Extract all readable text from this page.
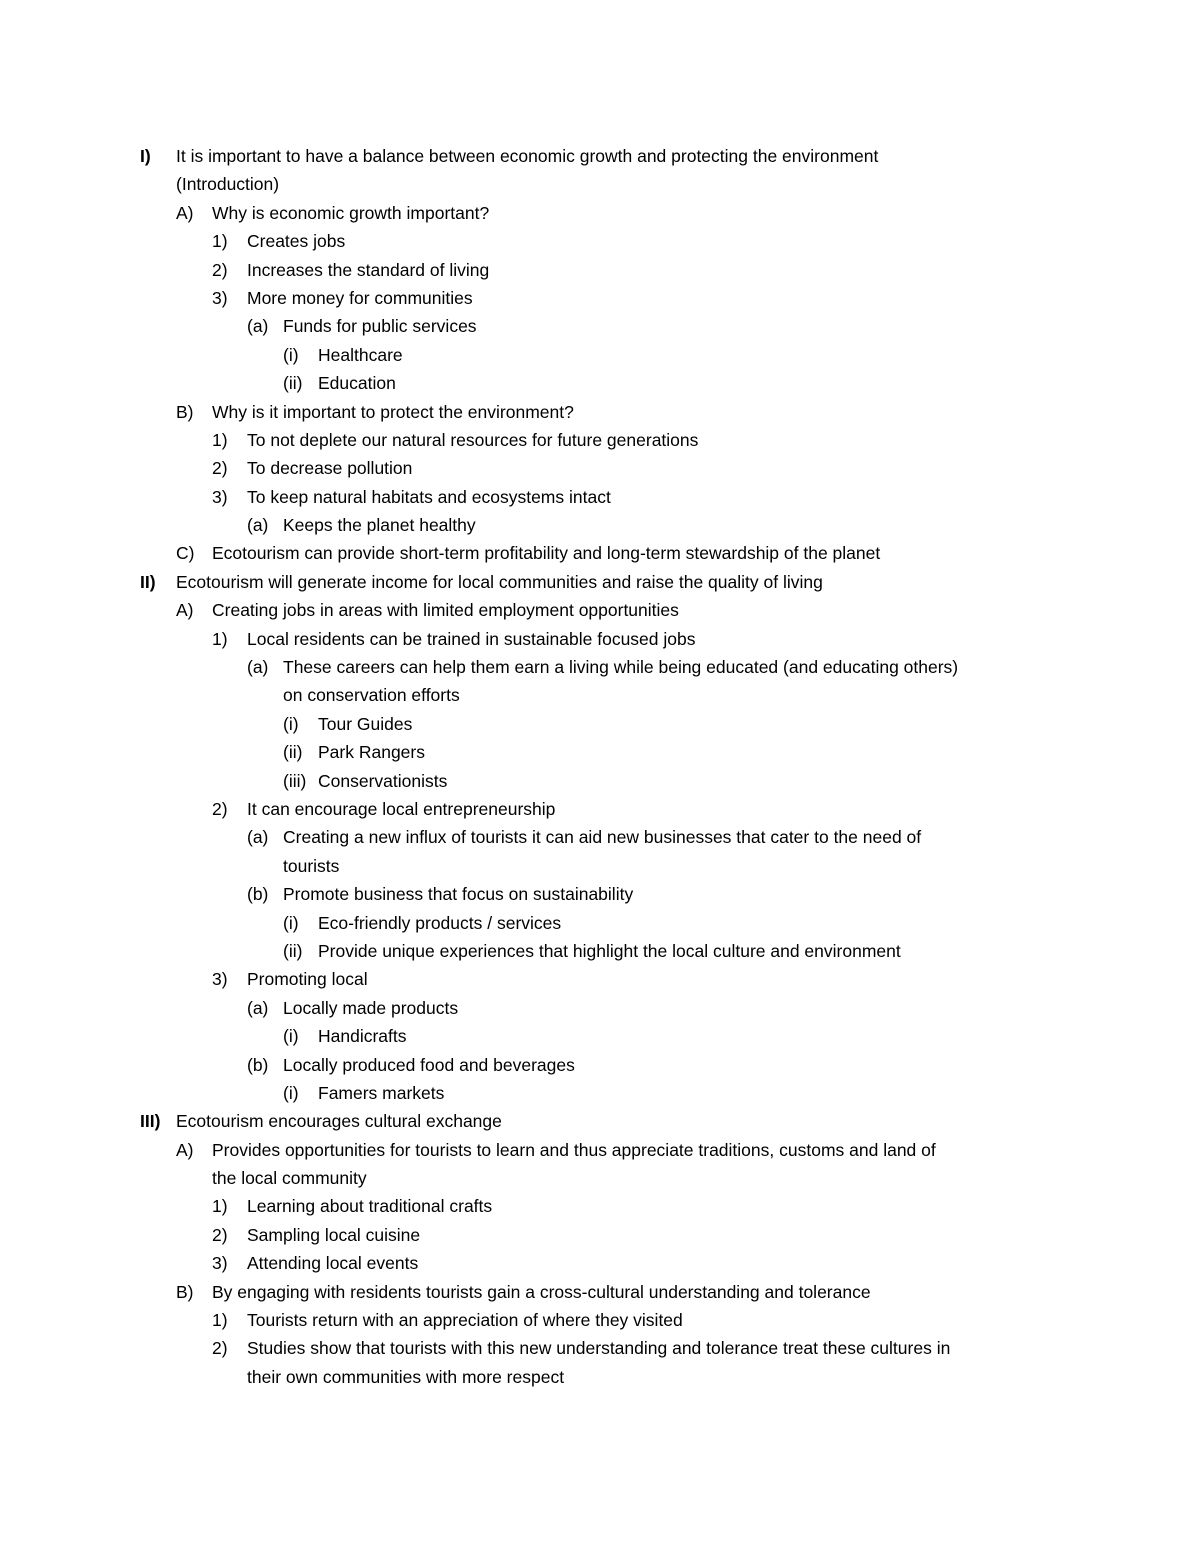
I) It is important to have a balance between economic growth and protecting the environment
(Introduction)
A) Why is economic growth important?
1) Creates jobs
2) Increases the standard of living
3) More money for communities
(a) Funds for public services
(i) Healthcare
(ii) Education
B) Why is it important to protect the environment?
1) To not deplete our natural resources for future generations
2) To decrease pollution
3) To keep natural habitats and ecosystems intact
(a) Keeps the planet healthy
C) Ecotourism can provide short-term profitability and long-term stewardship of the planet
II) Ecotourism will generate income for local communities and raise the quality of living
A) Creating jobs in areas with limited employment opportunities
1) Local residents can be trained in sustainable focused jobs
(a) These careers can help them earn a living while being educated (and educating others)
on conservation efforts
(i) Tour Guides
(ii) Park Rangers
(iii) Conservationists
2) It can encourage local entrepreneurship
(a) Creating a new influx of tourists it can aid new businesses that cater to the need of
tourists
(b) Promote business that focus on sustainability
(i) Eco-friendly products / services
(ii) Provide unique experiences that highlight the local culture and environment
3) Promoting local
(a) Locally made products
(i) Handicrafts
(b) Locally produced food and beverages
(i) Famers markets
III) Ecotourism encourages cultural exchange
A) Provides opportunities for tourists to learn and thus appreciate traditions, customs and land of
the local community
1) Learning about traditional crafts
2) Sampling local cuisine
3) Attending local events
B) By engaging with residents tourists gain a cross-cultural understanding and tolerance
1) Tourists return with an appreciation of where they visited
2) Studies show that tourists with this new understanding and tolerance treat these cultures in
their own communities with more respect
